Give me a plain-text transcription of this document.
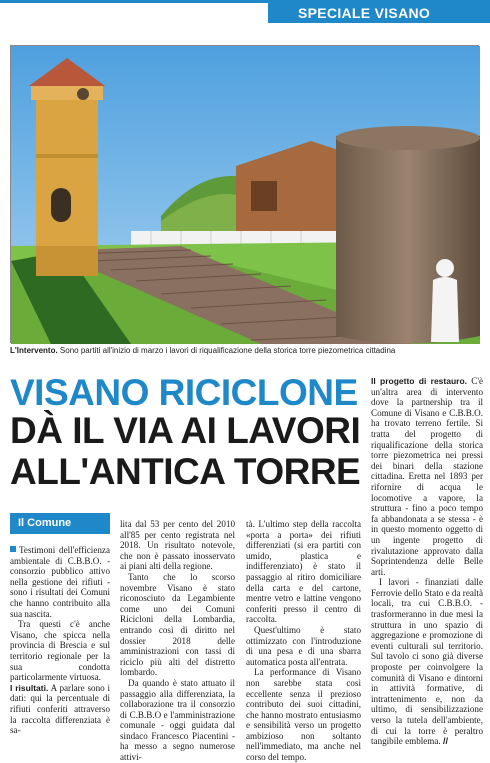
SPECIALE VISANO
L'Intervento. Sono partiti all'inizio di marzo i lavori di riqualificazione della storica torre piezometrica cittadina
VISANO RICICLONE
DÀ IL VIA AI LAVORI
ALL'ANTICA TORRE
Il Comune

Testimoni dell'efficienza ambientale di C.B.B.O. - consorzio pubblico attivo nella gestione dei rifiuti - sono i risultati dei Comuni che hanno contribuito alla sua nascita.

Tra questi c'è anche Visano, che spicca nella provincia di Brescia e sul territorio regionale per la sua condotta particolarmente virtuosa.

I risultati. A parlare sono i dati: qui la percentuale di rifiuti conferiti attraverso la raccolta differenziata è sa-

lita dal 53 per cento del 2010 all'85 per cento registrata nel 2018. Un risultato notevole, che non è passato inosservato ai piani alti della regione.

Tanto che lo scorso novembre Visano è stato riconosciuto da Legambiente come uno dei Comuni Ricicloni della Lombardia, entrando così di diritto nel dossier 2018 delle amministrazioni con tassi di riciclo più alti del distretto lombardo.

Da quando è stato attuato il passaggio alla differenziata, la collaborazione tra il consorzio di C.B.B.O e l'amministrazione comunale - oggi guidata dal sindaco Francesco Piacentini - ha messo a segno numerose attivi-

tà. L'ultimo step della raccolta «porta a porta» dei rifiuti differenziati (si era partiti con umido, plastica e indifferenziato) è stato il passaggio al ritiro domiciliare della carta e del cartone, mentre vetro e lattine vengono conferiti presso il centro di raccolta.

Quest'ultimo è stato ottimizzato con l'introduzione di una pesa e di una sbarra automatica posta all'entrata.

La performance di Visano non sarebbe stata così eccellente senza il prezioso contributo dei suoi cittadini, che hanno mostrato entusiasmo e sensibilità verso un progetto ambizioso non soltanto nell'immediato, ma anche nel corso del tempo.

Il progetto di restauro. C'è un'altra area di intervento dove la partnership tra il Comune di Visano e C.B.B.O. ha trovato terreno fertile. Si tratta del progetto di riqualificazione della storica torre piezometrica nei pressi dei binari della stazione cittadina. Eretta nel 1893 per rifornire di acqua le locomotive a vapore, la struttura - fino a poco tempo fa abbandonata a se stessa - è in questo momento oggetto di un ingente progetto di rivalutazione approvato dalla Soprintendenza delle Belle arti.

I lavori - finanziati dalle Ferrovie dello Stato e da realtà locali, tra cui C.B.B.O. - trasformeranno in due mesi la struttura in uno spazio di aggregazione e promozione di eventi culturali sul territorio. Sul tavolo ci sono già diverse proposte per coinvolgere la comunità di Visano e dintorni in attività formative, di intrattenimento e, non da ultimo, di sensibilizzazione verso la tutela dell'ambiente, di cui la torre è peraltro tangibile emblema. //
